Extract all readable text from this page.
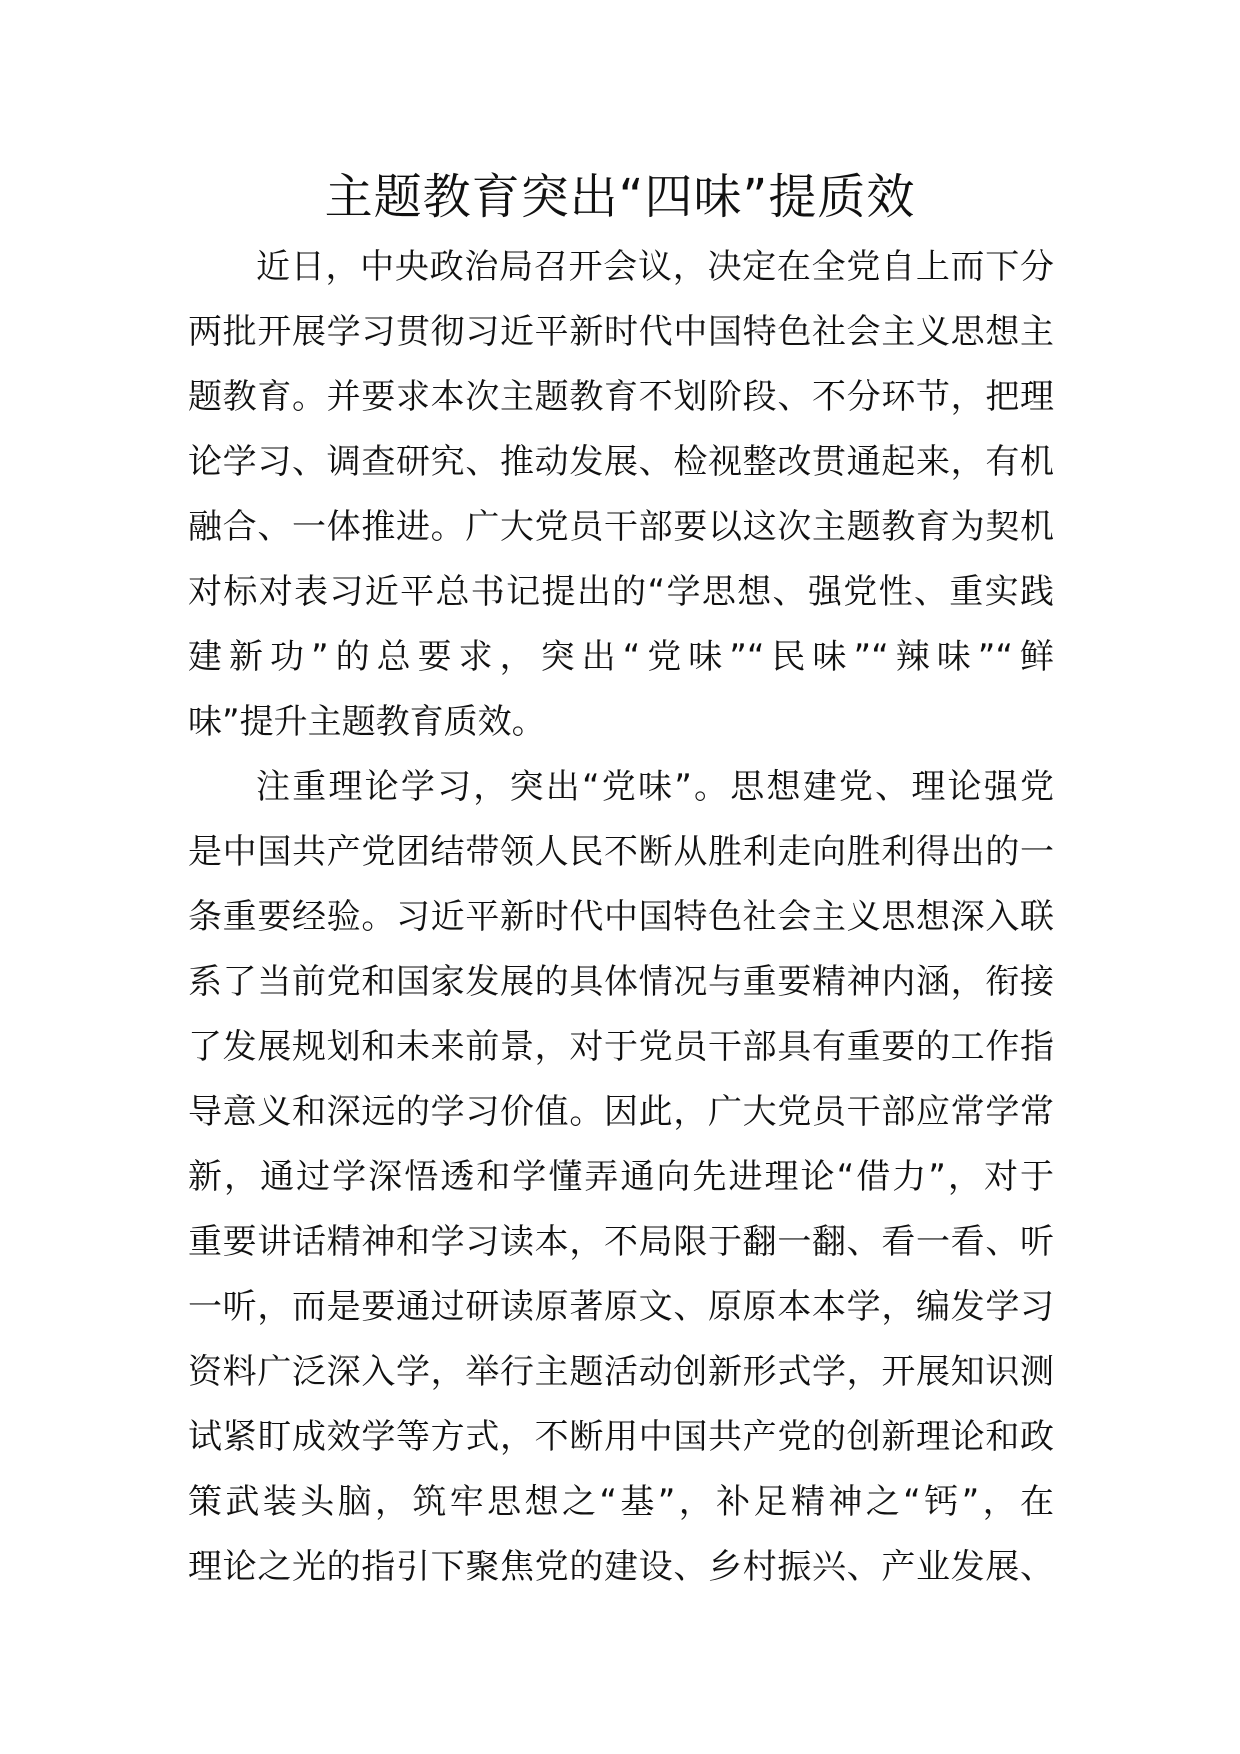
主题教育突出“四味”提质效
近日，中央政治局召开会议，决定在全党自上而下分
两批开展学习贯彻习近平新时代中国特色社会主义思想主
题教育。并要求本次主题教育不划阶段、不分环节，把理
论学习、调查研究、推动发展、检视整改贯通起来，有机
融合、一体推进。广大党员干部要以这次主题教育为契机
对标对表习近平总书记提出的“学思想、强党性、重实践
建新功”的总要求，突出“党味”“民味”“辣味”“鲜
味”提升主题教育质效。
注重理论学习，突出“党味”。思想建党、理论强党
是中国共产党团结带领人民不断从胜利走向胜利得出的一
条重要经验。习近平新时代中国特色社会主义思想深入联
系了当前党和国家发展的具体情况与重要精神内涵，衔接
了发展规划和未来前景，对于党员干部具有重要的工作指
导意义和深远的学习价值。因此，广大党员干部应常学常
新，通过学深悟透和学懂弄通向先进理论“借力”，对于
重要讲话精神和学习读本，不局限于翻一翻、看一看、听
一听，而是要通过研读原著原文、原原本本学，编发学习
资料广泛深入学，举行主题活动创新形式学，开展知识测
试紧盯成效学等方式，不断用中国共产党的创新理论和政
策武装头脑，筑牢思想之“基”，补足精神之“钙”，在
理论之光的指引下聚焦党的建设、乡村振兴、产业发展、
